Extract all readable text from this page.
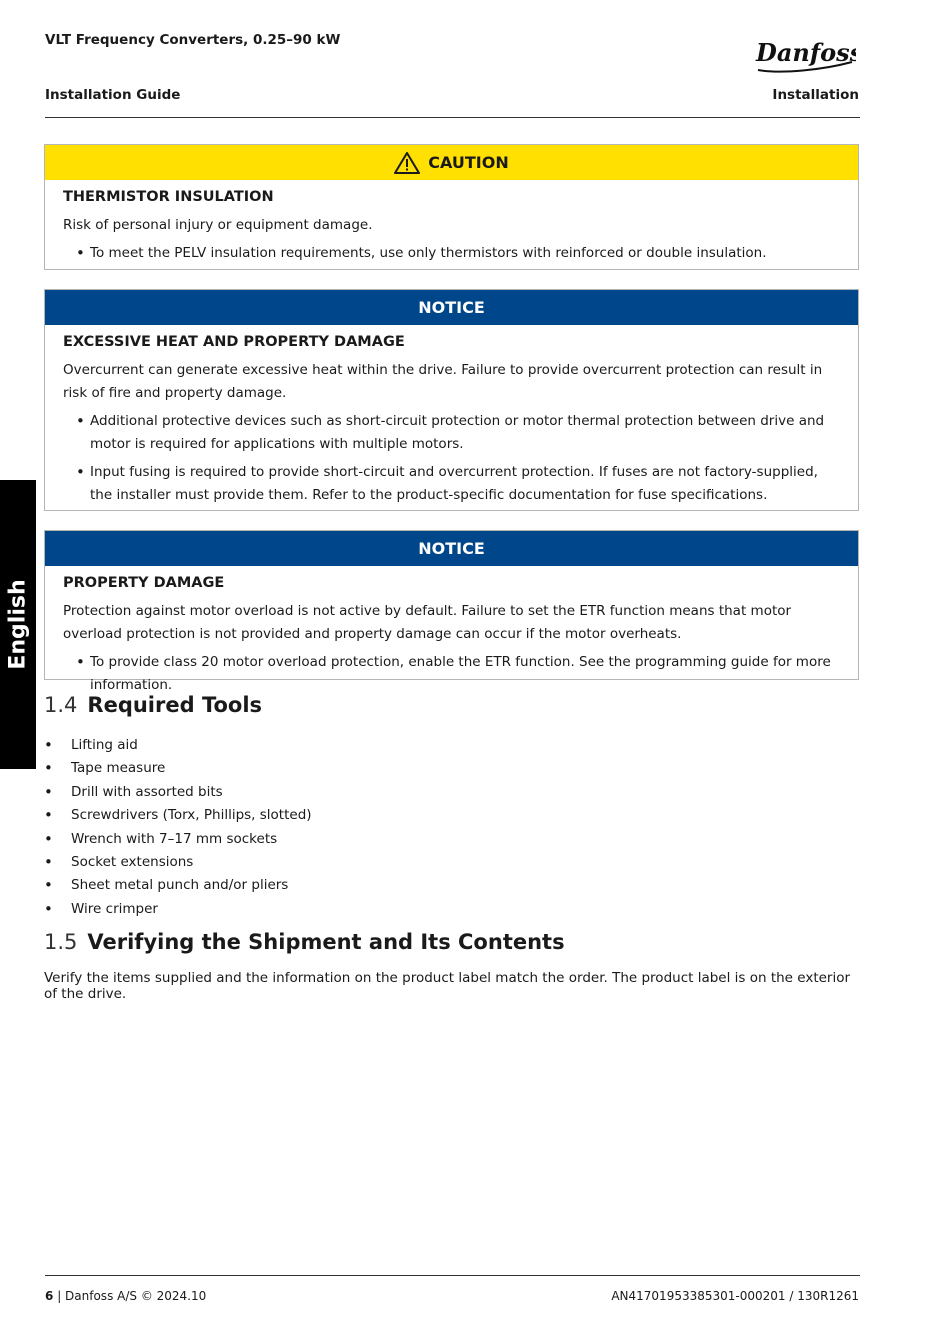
VLT Frequency Converters, 0.25–90 kW
Installation Guide	Installation
Danfoss
English
CAUTION
THERMISTOR INSULATION
Risk of personal injury or equipment damage.
• To meet the PELV insulation requirements, use only thermistors with reinforced or double insulation.
NOTICE
EXCESSIVE HEAT AND PROPERTY DAMAGE
Overcurrent can generate excessive heat within the drive. Failure to provide overcurrent protection can result in risk of fire and property damage.
• Additional protective devices such as short-circuit protection or motor thermal protection between drive and motor is required for applications with multiple motors.
• Input fusing is required to provide short-circuit and overcurrent protection. If fuses are not factory-supplied, the installer must provide them. Refer to the product-specific documentation for fuse specifications.
NOTICE
PROPERTY DAMAGE
Protection against motor overload is not active by default. Failure to set the ETR function means that motor overload protection is not provided and property damage can occur if the motor overheats.
• To provide class 20 motor overload protection, enable the ETR function. See the programming guide for more information.
1.4 Required Tools
• Lifting aid
• Tape measure
• Drill with assorted bits
• Screwdrivers (Torx, Phillips, slotted)
• Wrench with 7–17 mm sockets
• Socket extensions
• Sheet metal punch and/or pliers
• Wire crimper
1.5 Verifying the Shipment and Its Contents
Verify the items supplied and the information on the product label match the order. The product label is on the exterior of the drive.
6 | Danfoss A/S © 2024.10	AN41701953385301-000201 / 130R1261
